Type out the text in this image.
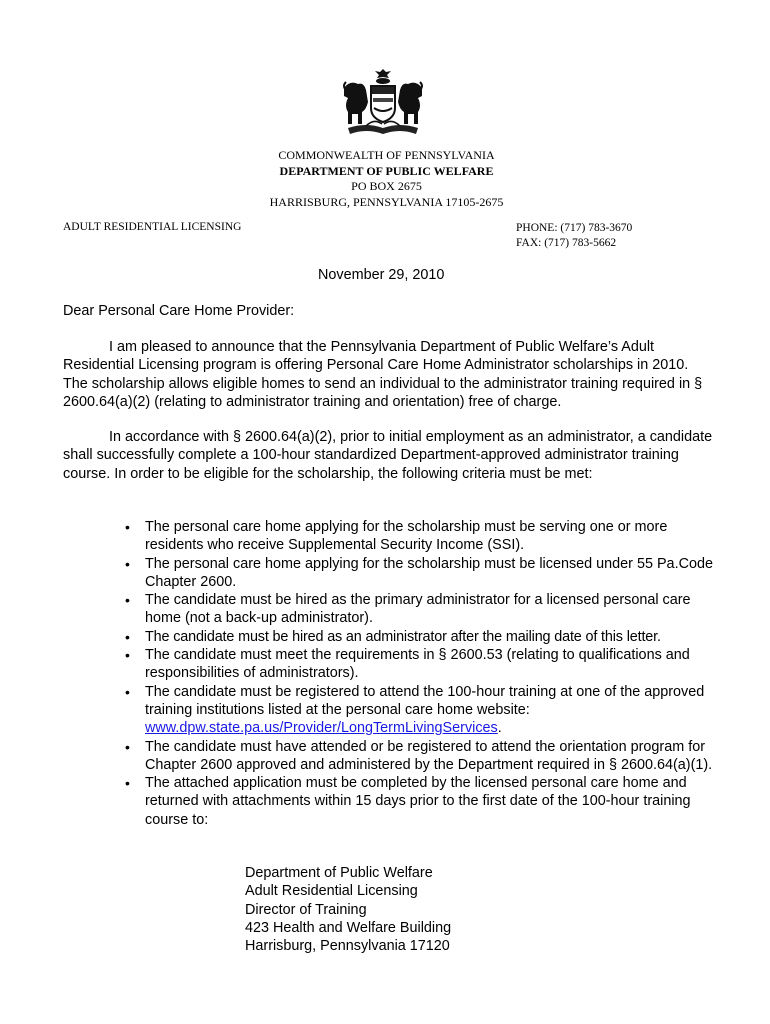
COMMONWEALTH OF PENNSYLVANIA
DEPARTMENT OF PUBLIC WELFARE
PO BOX 2675
HARRISBURG, PENNSYLVANIA 17105-2675
ADULT RESIDENTIAL LICENSING	PHONE: (717) 783-3670
FAX: (717) 783-5662
November 29, 2010
Dear Personal Care Home Provider:
I am pleased to announce that the Pennsylvania Department of Public Welfare’s Adult Residential Licensing program is offering Personal Care Home Administrator scholarships in 2010. The scholarship allows eligible homes to send an individual to the administrator training required in § 2600.64(a)(2) (relating to administrator training and orientation) free of charge.
In accordance with § 2600.64(a)(2), prior to initial employment as an administrator, a candidate shall successfully complete a 100-hour standardized Department-approved administrator training course. In order to be eligible for the scholarship, the following criteria must be met:
• The personal care home applying for the scholarship must be serving one or more residents who receive Supplemental Security Income (SSI).
• The personal care home applying for the scholarship must be licensed under 55 Pa.Code Chapter 2600.
• The candidate must be hired as the primary administrator for a licensed personal care home (not a back-up administrator).
• The candidate must be hired as an administrator after the mailing date of this letter.
• The candidate must meet the requirements in § 2600.53 (relating to qualifications and responsibilities of administrators).
• The candidate must be registered to attend the 100-hour training at one of the approved training institutions listed at the personal care home website: www.dpw.state.pa.us/Provider/LongTermLivingServices.
• The candidate must have attended or be registered to attend the orientation program for Chapter 2600 approved and administered by the Department required in § 2600.64(a)(1).
• The attached application must be completed by the licensed personal care home and returned with attachments within 15 days prior to the first date of the 100-hour training course to:
Department of Public Welfare
Adult Residential Licensing
Director of Training
423 Health and Welfare Building
Harrisburg, Pennsylvania 17120
